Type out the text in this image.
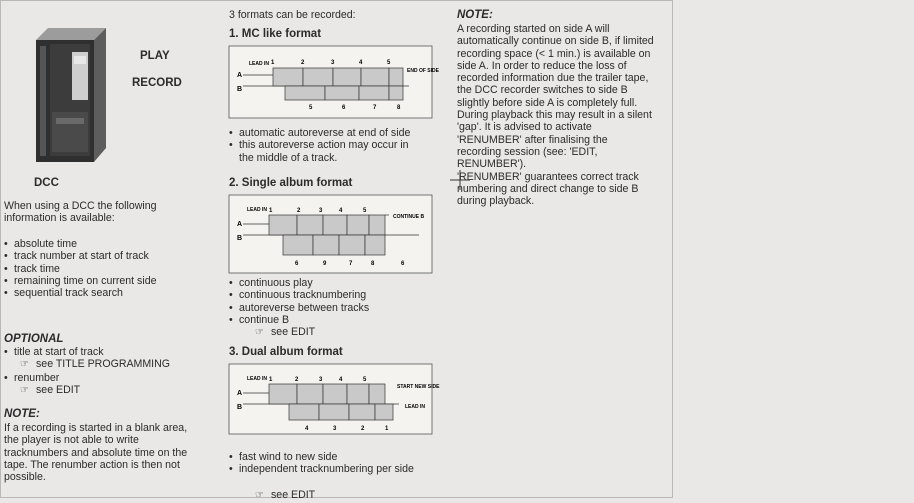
PLAY
RECORD
DCC
When using a DCC the following
information is available:
• absolute time
• track number at start of track
• track time
• remaining time on current side
• sequential track search
OPTIONAL
• title at start of track
☞ see TITLE PROGRAMMING
• renumber
☞ see EDIT
NOTE:
If a recording is started in a blank area,
the player is not able to write
tracknumbers and absolute time on the
tape. The renumber action is then not
possible.
3 formats can be recorded:
1. MC like format
A
B
LEAD IN 1	2	3	4	5
5	6	7	8
END OF SIDE
• automatic autoreverse at end of side
• this autoreverse action may occur in
the middle of a track.
2. Single album format
A
B
LEAD IN 1	2	3	4	5
6	9	7	8	6
CONTINUE B
• continuous play
• continuous tracknumbering
• autoreverse between tracks
• continue B
☞ see EDIT
3. Dual album format
A
B
LEAD IN 1	2	3	4	5
4	3	2	1
START NEW SIDE
LEAD IN
• fast wind to new side
• independent tracknumbering per side
☞ see EDIT
NOTE:
A recording started on side A will
automatically continue on side B, if limited
recording space (< 1 min.) is available on
side A. In order to reduce the loss of
recorded information due the trailer tape,
the DCC recorder switches to side B
slightly before side A is completely full.
During playback this may result in a silent
'gap'. It is advised to activate
'RENUMBER' after finalising the
recording session (see: 'EDIT,
RENUMBER').
'RENUMBER' guarantees correct track
numbering and direct change to side B
during playback.
